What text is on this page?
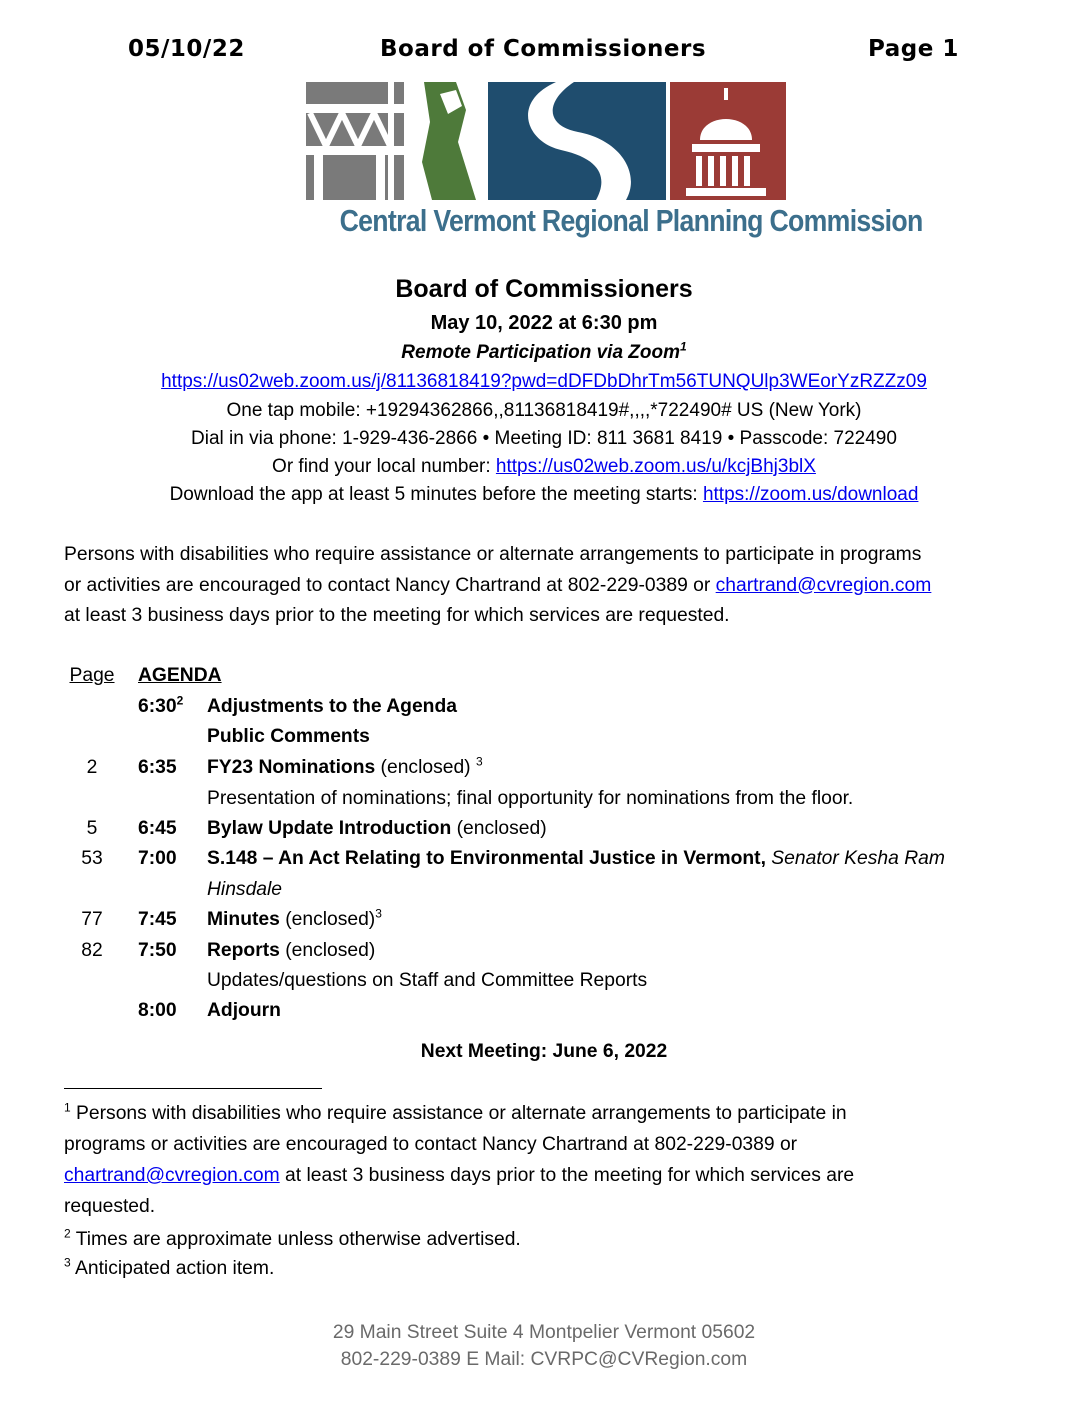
05/10/22	Board of Commissioners	Page 1
Central Vermont Regional Planning Commission
Board of Commissioners
May 10, 2022 at 6:30 pm
Remote Participation via Zoom$^1$
https://us02web.zoom.us/j/81136818419?pwd=dDFDbDhrTm56TUNQUlp3WEorYzRZZz09
One tap mobile: +19294362866,,81136818419#,,,,*722490# US (New York)
Dial in via phone: 1-929-436-2866 • Meeting ID: 811 3681 8419 • Passcode: 722490
Or find your local number: https://us02web.zoom.us/u/kcjBhj3blX
Download the app at least 5 minutes before the meeting starts: https://zoom.us/download
Persons with disabilities who require assistance or alternate arrangements to participate in programs
or activities are encouraged to contact Nancy Chartrand at 802-229-0389 or chartrand@cvregion.com
at least 3 business days prior to the meeting for which services are requested.
Page AGENDA
$6:30^2$ Adjustments to the Agenda
Public Comments
2	6:35 FY23 Nominations (enclosed) $^3$
Presentation of nominations; final opportunity for nominations from the floor.
5	6:45 Bylaw Update Introduction (enclosed)
53	7:00 S.148 – An Act Relating to Environmental Justice in Vermont, Senator Kesha Ram
Hinsdale
77	7:45 Minutes (enclosed)$^3$
82	7:50 Reports (enclosed)
Updates/questions on Staff and Committee Reports
8:00 Adjourn
Next Meeting: June 6, 2022
$^1$ Persons with disabilities who require assistance or alternate arrangements to participate in
programs or activities are encouraged to contact Nancy Chartrand at 802-229-0389 or
chartrand@cvregion.com at least 3 business days prior to the meeting for which services are
requested.
$^2$ Times are approximate unless otherwise advertised.
$^3$ Anticipated action item.
29 Main Street Suite 4 Montpelier Vermont 05602
802-229-0389 E Mail: CVRPC@CVRegion.com
